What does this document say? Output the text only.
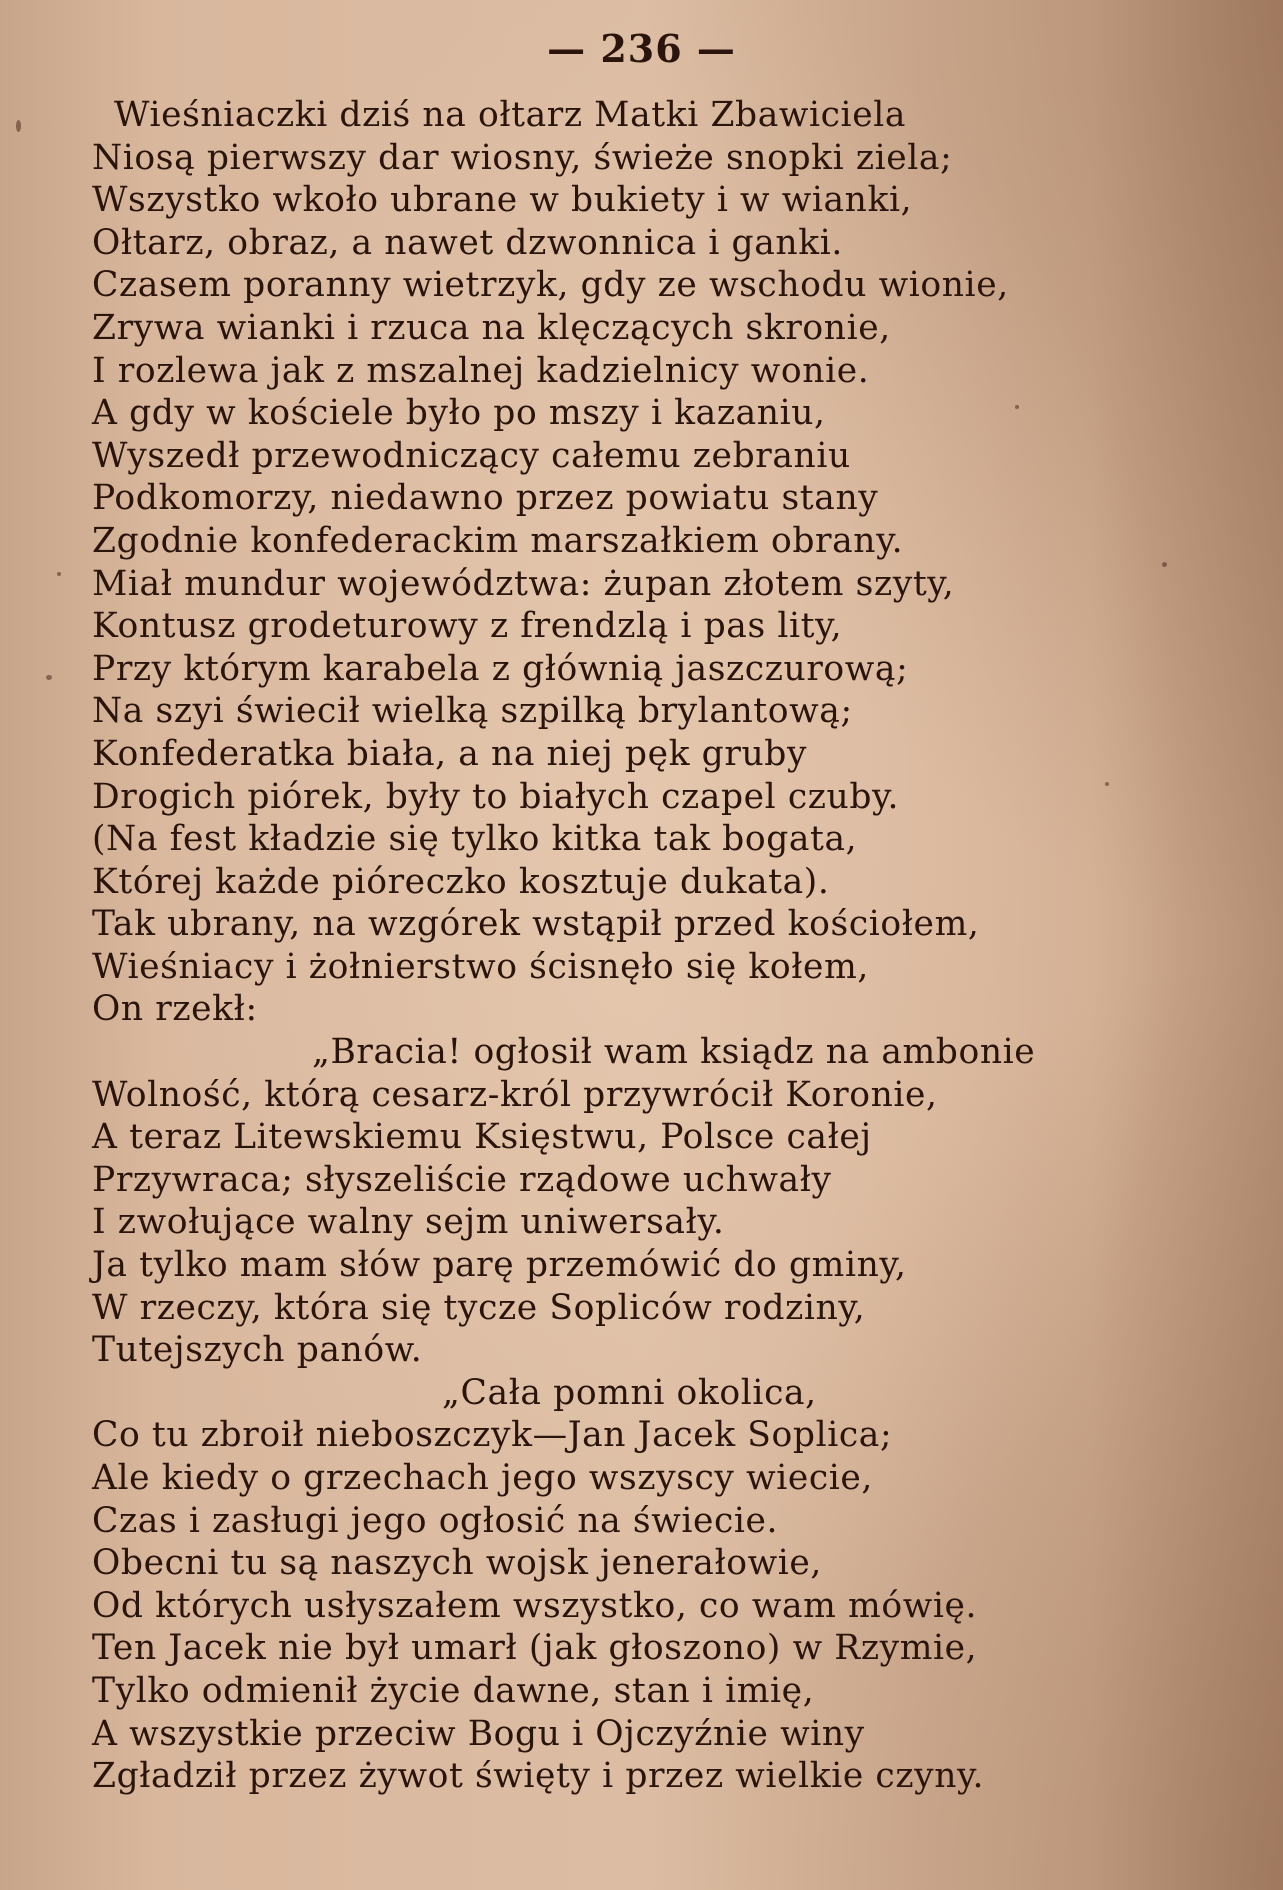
— 236 —
Wieśniaczki dziś na ołtarz Matki Zbawiciela
Niosą pierwszy dar wiosny, świeże snopki ziela;
Wszystko wkoło ubrane w bukiety i w wianki,
Ołtarz, obraz, a nawet dzwonnica i ganki.
Czasem poranny wietrzyk, gdy ze wschodu wionie,
Zrywa wianki i rzuca na klęczących skronie,
I rozlewa jak z mszalnej kadzielnicy wonie.
A gdy w kościele było po mszy i kazaniu,
Wyszedł przewodniczący całemu zebraniu
Podkomorzy, niedawno przez powiatu stany
Zgodnie konfederackim marszałkiem obrany.
Miał mundur województwa: żupan złotem szyty,
Kontusz grodeturowy z frendzlą i pas lity,
Przy którym karabela z głównią jaszczurową;
Na szyi świecił wielką szpilką brylantową;
Konfederatka biała, a na niej pęk gruby
Drogich piórek, były to białych czapel czuby.
(Na fest kładzie się tylko kitka tak bogata,
Której każde pióreczko kosztuje dukata).
Tak ubrany, na wzgórek wstąpił przed kościołem,
Wieśniacy i żołnierstwo ścisnęło się kołem,
On rzekł:
„Bracia! ogłosił wam ksiądz na ambonie
Wolność, którą cesarz-król przywrócił Koronie,
A teraz Litewskiemu Księstwu, Polsce całej
Przywraca; słyszeliście rządowe uchwały
I zwołujące walny sejm uniwersały.
Ja tylko mam słów parę przemówić do gminy,
W rzeczy, która się tycze Sopliców rodziny,
Tutejszych panów.
„Cała pomni okolica,
Co tu zbroił nieboszczyk—Jan Jacek Soplica;
Ale kiedy o grzechach jego wszyscy wiecie,
Czas i zasługi jego ogłosić na świecie.
Obecni tu są naszych wojsk jenerałowie,
Od których usłyszałem wszystko, co wam mówię.
Ten Jacek nie był umarł (jak głoszono) w Rzymie,
Tylko odmienił życie dawne, stan i imię,
A wszystkie przeciw Bogu i Ojczyźnie winy
Zgładził przez żywot święty i przez wielkie czyny.
